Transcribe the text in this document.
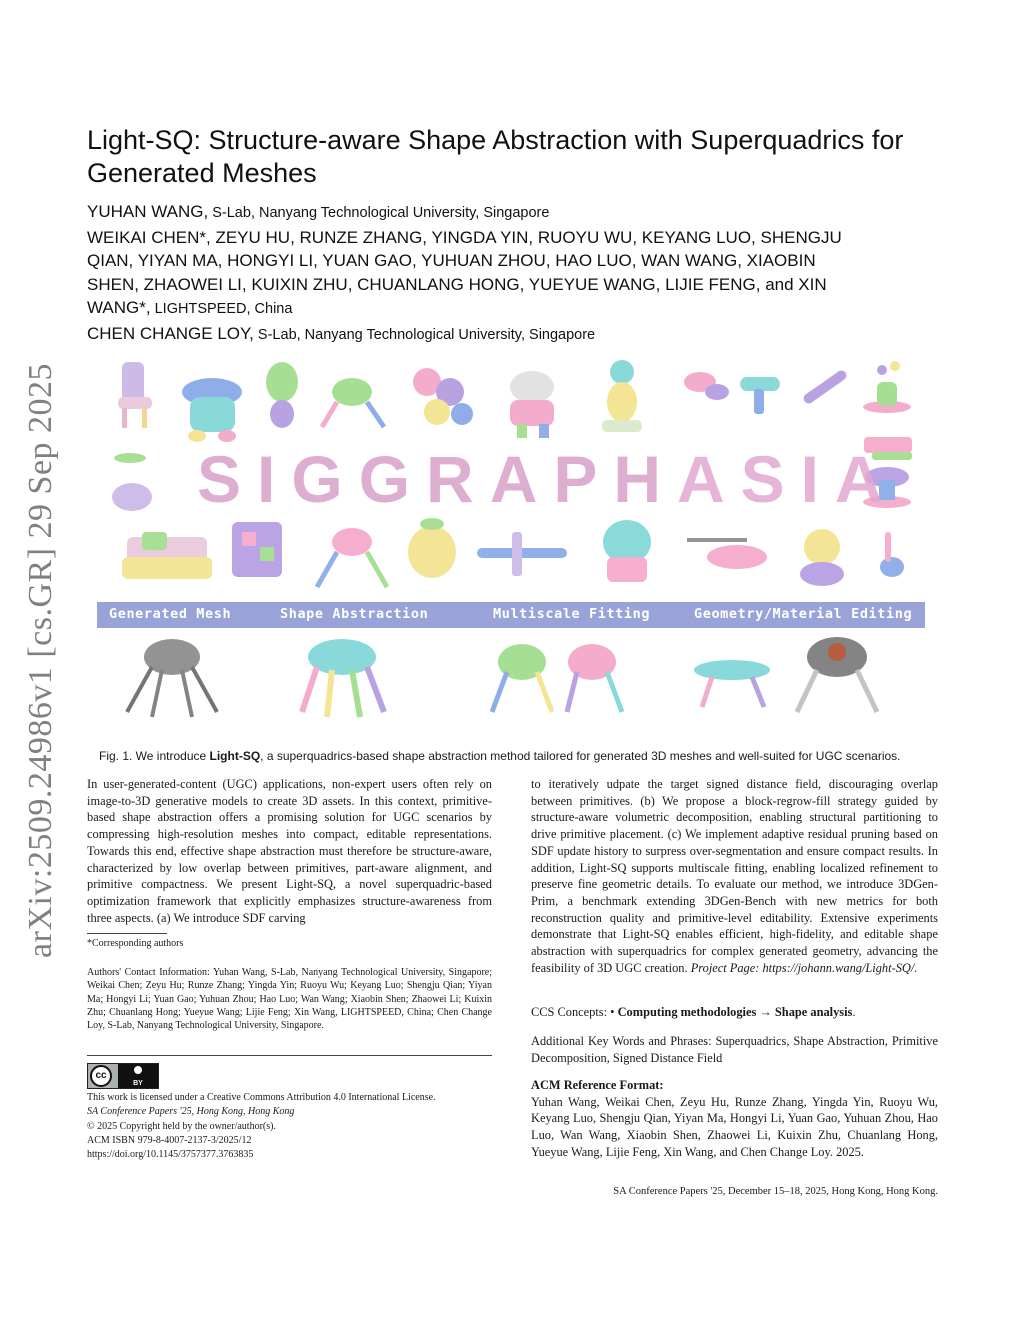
arXiv:2509.24986v1 [cs.GR] 29 Sep 2025
Light-SQ: Structure-aware Shape Abstraction with Superquadrics for Generated Meshes
YUHAN WANG, S-Lab, Nanyang Technological University, Singapore
WEIKAI CHEN*, ZEYU HU, RUNZE ZHANG, YINGDA YIN, RUOYU WU, KEYANG LUO, SHENGJU
QIAN, YIYAN MA, HONGYI LI, YUAN GAO, YUHUAN ZHOU, HAO LUO, WAN WANG, XIAOBIN
SHEN, ZHAOWEI LI, KUIXIN ZHU, CHUANLANG HONG, YUEYUE WANG, LIJIE FENG, and XIN
WANG*, LIGHTSPEED, China
CHEN CHANGE LOY, S-Lab, Nanyang Technological University, Singapore
SIGGRAPH ASIA
Generated Mesh	Shape Abstraction	Multiscale Fitting	Geometry/Material Editing
Fig. 1. We introduce Light-SQ, a superquadrics-based shape abstraction method tailored for generated 3D meshes and well-suited for UGC scenarios.
In user-generated-content (UGC) applications, non-expert users often rely on image-to-3D generative models to create 3D assets. In this context, primitive-based shape abstraction offers a promising solution for UGC scenarios by compressing high-resolution meshes into compact, editable representations. Towards this end, effective shape abstraction must therefore be structure-aware, characterized by low overlap between primitives, part-aware alignment, and primitive compactness. We present Light-SQ, a novel superquadric-based optimization framework that explicitly emphasizes structure-awareness from three aspects. (a) We introduce SDF carving
to iteratively udpate the target signed distance field, discouraging overlap between primitives. (b) We propose a block-regrow-fill strategy guided by structure-aware volumetric decomposition, enabling structural partitioning to drive primitive placement. (c) We implement adaptive residual pruning based on SDF update history to surpress over-segmentation and ensure compact results. In addition, Light-SQ supports multiscale fitting, enabling localized refinement to preserve fine geometric details. To evaluate our method, we introduce 3DGen-Prim, a benchmark extending 3DGen-Bench with new metrics for both reconstruction quality and primitive-level editability. Extensive experiments demonstrate that Light-SQ enables efficient, high-fidelity, and editable shape abstraction with superquadrics for complex generated geometry, advancing the feasibility of 3D UGC creation. Project Page: https://johann.wang/Light-SQ/.
*Corresponding authors
Authors' Contact Information: Yuhan Wang, S-Lab, Nanyang Technological University, Singapore; Weikai Chen; Zeyu Hu; Runze Zhang; Yingda Yin; Ruoyu Wu; Keyang Luo; Shengju Qian; Yiyan Ma; Hongyi Li; Yuan Gao; Yuhuan Zhou; Hao Luo; Wan Wang; Xiaobin Shen; Zhaowei Li; Kuixin Zhu; Chuanlang Hong; Yueyue Wang; Lijie Feng; Xin Wang, LIGHTSPEED, China; Chen Change Loy, S-Lab, Nanyang Technological University, Singapore.
cc
BY
This work is licensed under a Creative Commons Attribution 4.0 International License.
SA Conference Papers '25, Hong Kong, Hong Kong
© 2025 Copyright held by the owner/author(s).
ACM ISBN 979-8-4007-2137-3/2025/12
https://doi.org/10.1145/3757377.3763835
CCS Concepts: • Computing methodologies → Shape analysis.
Additional Key Words and Phrases: Superquadrics, Shape Abstraction, Primitive Decomposition, Signed Distance Field
ACM Reference Format:
Yuhan Wang, Weikai Chen, Zeyu Hu, Runze Zhang, Yingda Yin, Ruoyu Wu, Keyang Luo, Shengju Qian, Yiyan Ma, Hongyi Li, Yuan Gao, Yuhuan Zhou, Hao Luo, Wan Wang, Xiaobin Shen, Zhaowei Li, Kuixin Zhu, Chuanlang Hong, Yueyue Wang, Lijie Feng, Xin Wang, and Chen Change Loy. 2025.
SA Conference Papers '25, December 15–18, 2025, Hong Kong, Hong Kong.
